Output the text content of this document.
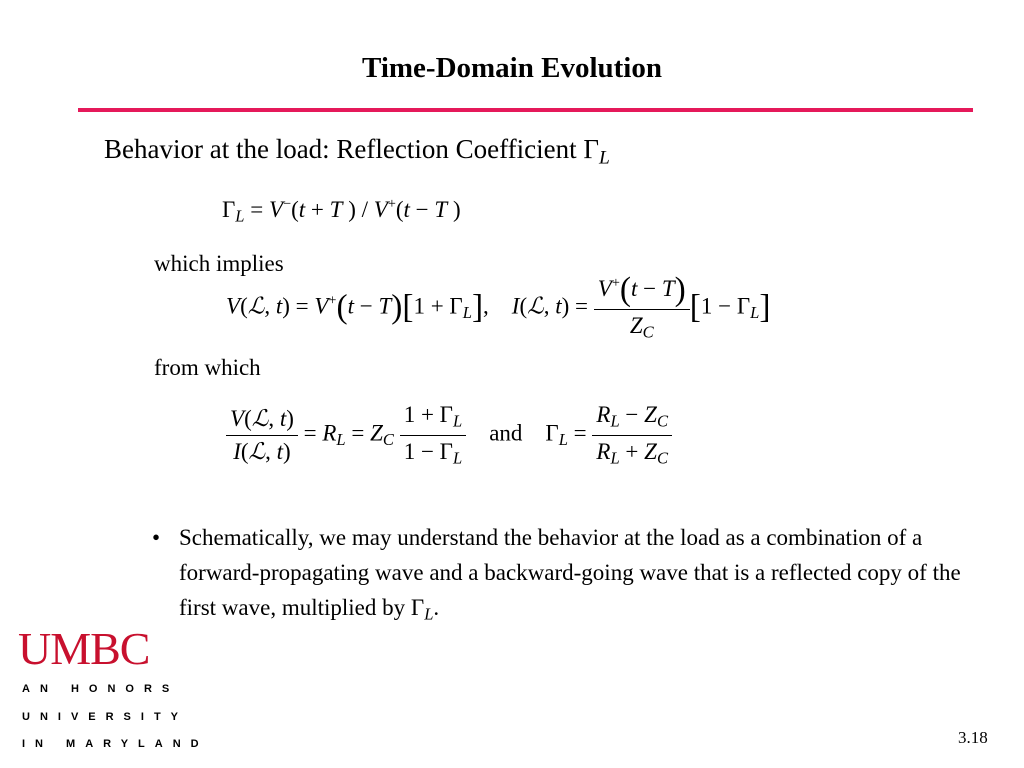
Time-Domain Evolution
Behavior at the load: Reflection Coefficient $\Gamma_L$
$\Gamma_L = V^-(t + T$ ) / V+(t − T )
which implies
V(ℒ, $t) = V^+(t - T)[1 + \Gamma_L]$,    I(ℒ, $t) = \frac{V^+(t - T)}{Z_C} [1 - \Gamma_L]$
from which
$\frac{\text{V(ℒ, t)}}{\text{I(ℒ, t)}} = R_L = Z_C \frac{1 + \Gamma_L}{1 - \Gamma_L}$ and    $\Gamma_L = \frac{R_L - Z_C}{R_L + Z_C}$
• Schematically, we may understand the behavior at the load as a combination of a forward-propagating wave and a backward-going wave that is a reflected copy of the first wave, multiplied by $\Gamma_L$.
UMBC
AN HONORS
UNIVERSITY
IN MARYLAND	3.18
